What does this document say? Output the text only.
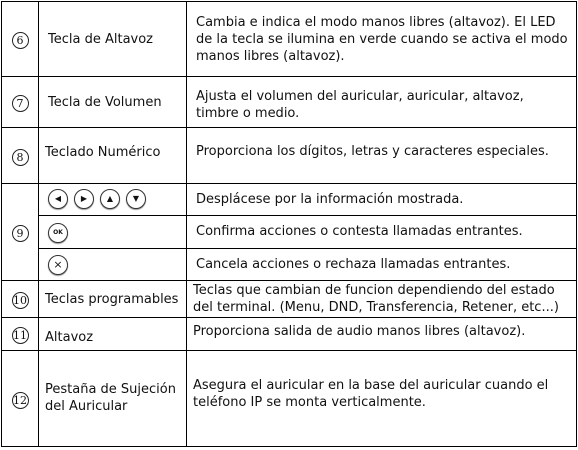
6	Tecla de Altavoz	Cambia e indica el modo manos libres (altavoz). El LED de la tecla se ilumina en verde cuando se activa el modo manos libres (altavoz).

7	Tecla de Volumen	Ajusta el volumen del auricular, auricular, altavoz, timbre o medio.

8	Teclado Numérico	Proporciona los dígitos, letras y caracteres especiales.

9	◀ ▶ ▲ ▼	Desplácese por la información mostrada.

	OK	Confirma acciones o contesta llamadas entrantes.

	×	Cancela acciones o rechaza llamadas entrantes.

10	Teclas programables	Teclas que cambian de funcion dependiendo del estado del terminal. (Menu, DND, Transferencia, Retener, etc...)

11	Altavoz	Proporciona salida de audio manos libres (altavoz).

12	Pestaña de Sujeción del Auricular	Asegura el auricular en la base del auricular cuando el teléfono IP se monta verticalmente.
